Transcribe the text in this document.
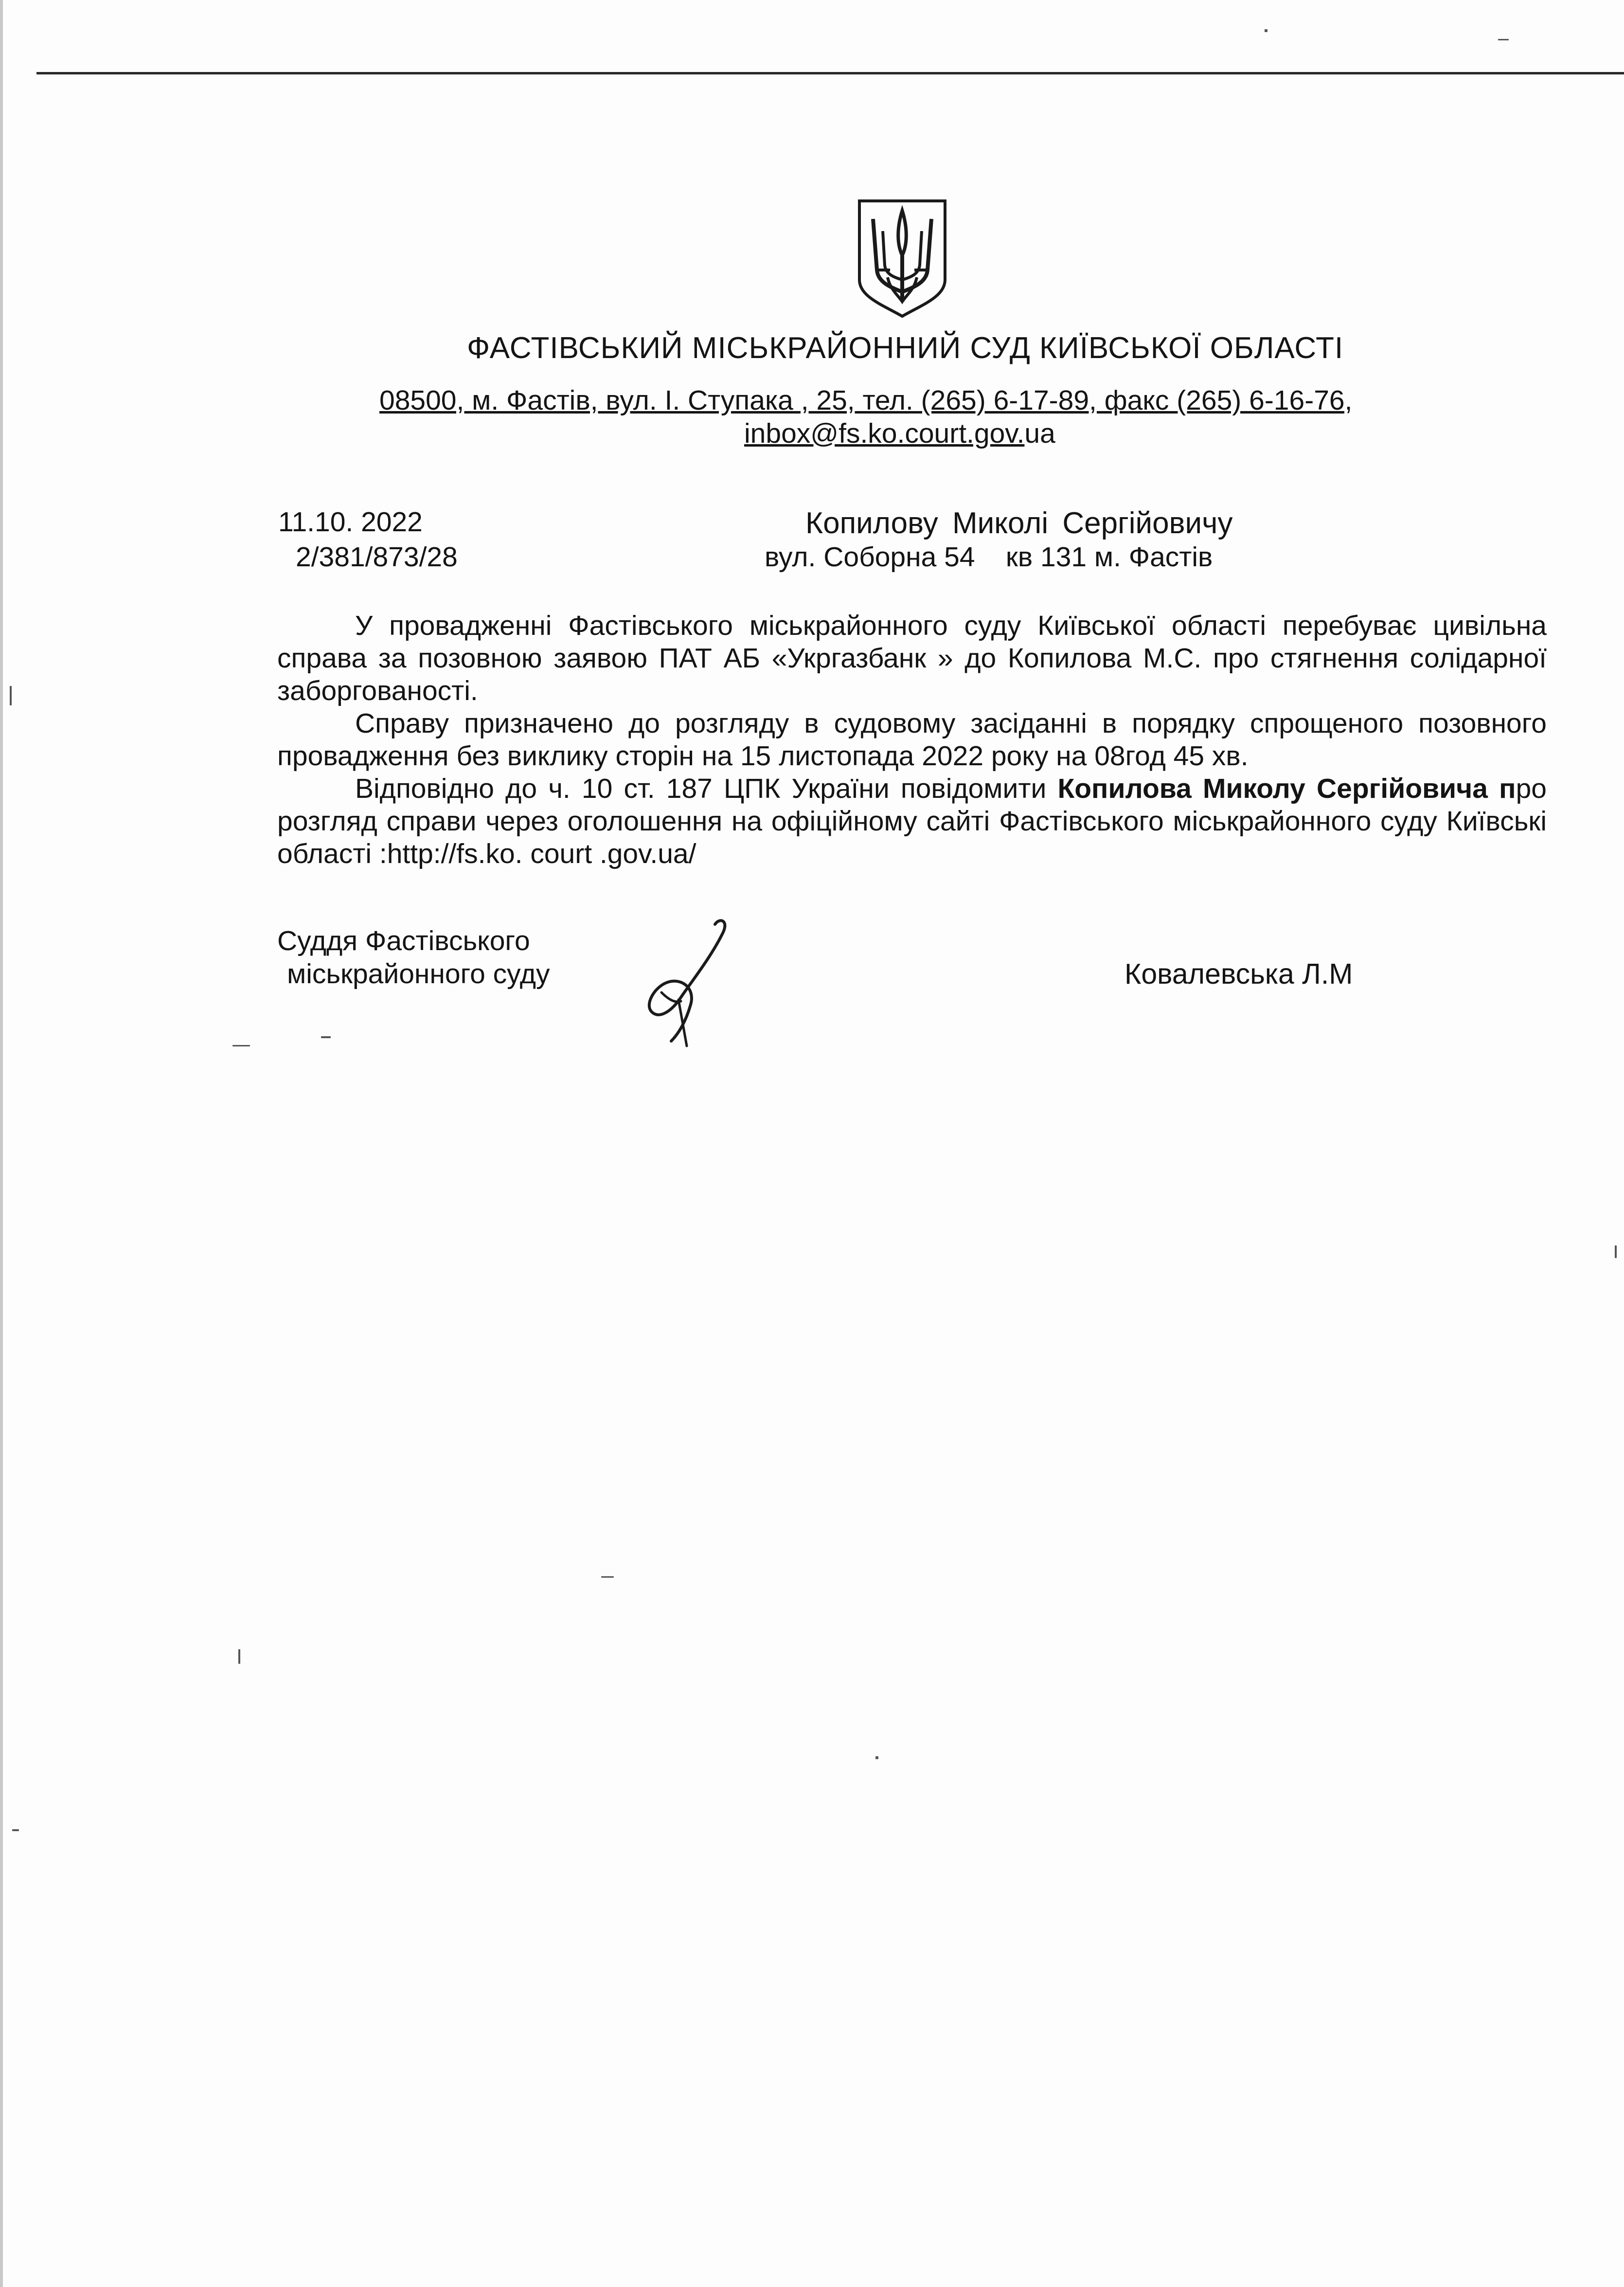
ФАСТІВСЬКИЙ МІСЬКРАЙОННИЙ СУД КИЇВСЬКОЇ ОБЛАСТІ
08500, м. Фастів, вул. І. Ступака , 25, тел. (265) 6-17-89, факс (265) 6-16-76,
inbox@fs.ko.court.gov.ua
11.10. 2022
2/381/873/28
Копилову Миколі Сергійовичу
вул. Соборна 54    кв 131 м. Фастів

У провадженні Фастівського міськрайонного суду Київської області перебуває цивільна справа за позовною заявою ПАТ АБ «Укргазбанк » до Копилова М.С. про стягнення солідарної заборгованості.

Справу призначено до розгляду в судовому засіданні в порядку спрощеного позовного провадження без виклику сторін на 15 листопада 2022 року на 08год 45 хв.

Відповідно до ч. 10 ст. 187 ЦПК України повідомити Копилова Миколу Сергійовича про розгляд справи через оголошення на офіційному сайті Фастівського міськрайонного суду Київські області :http://fs.ko. court .gov.ua/

Суддя Фастівського
міськрайонного суду	Ковалевська Л.М
